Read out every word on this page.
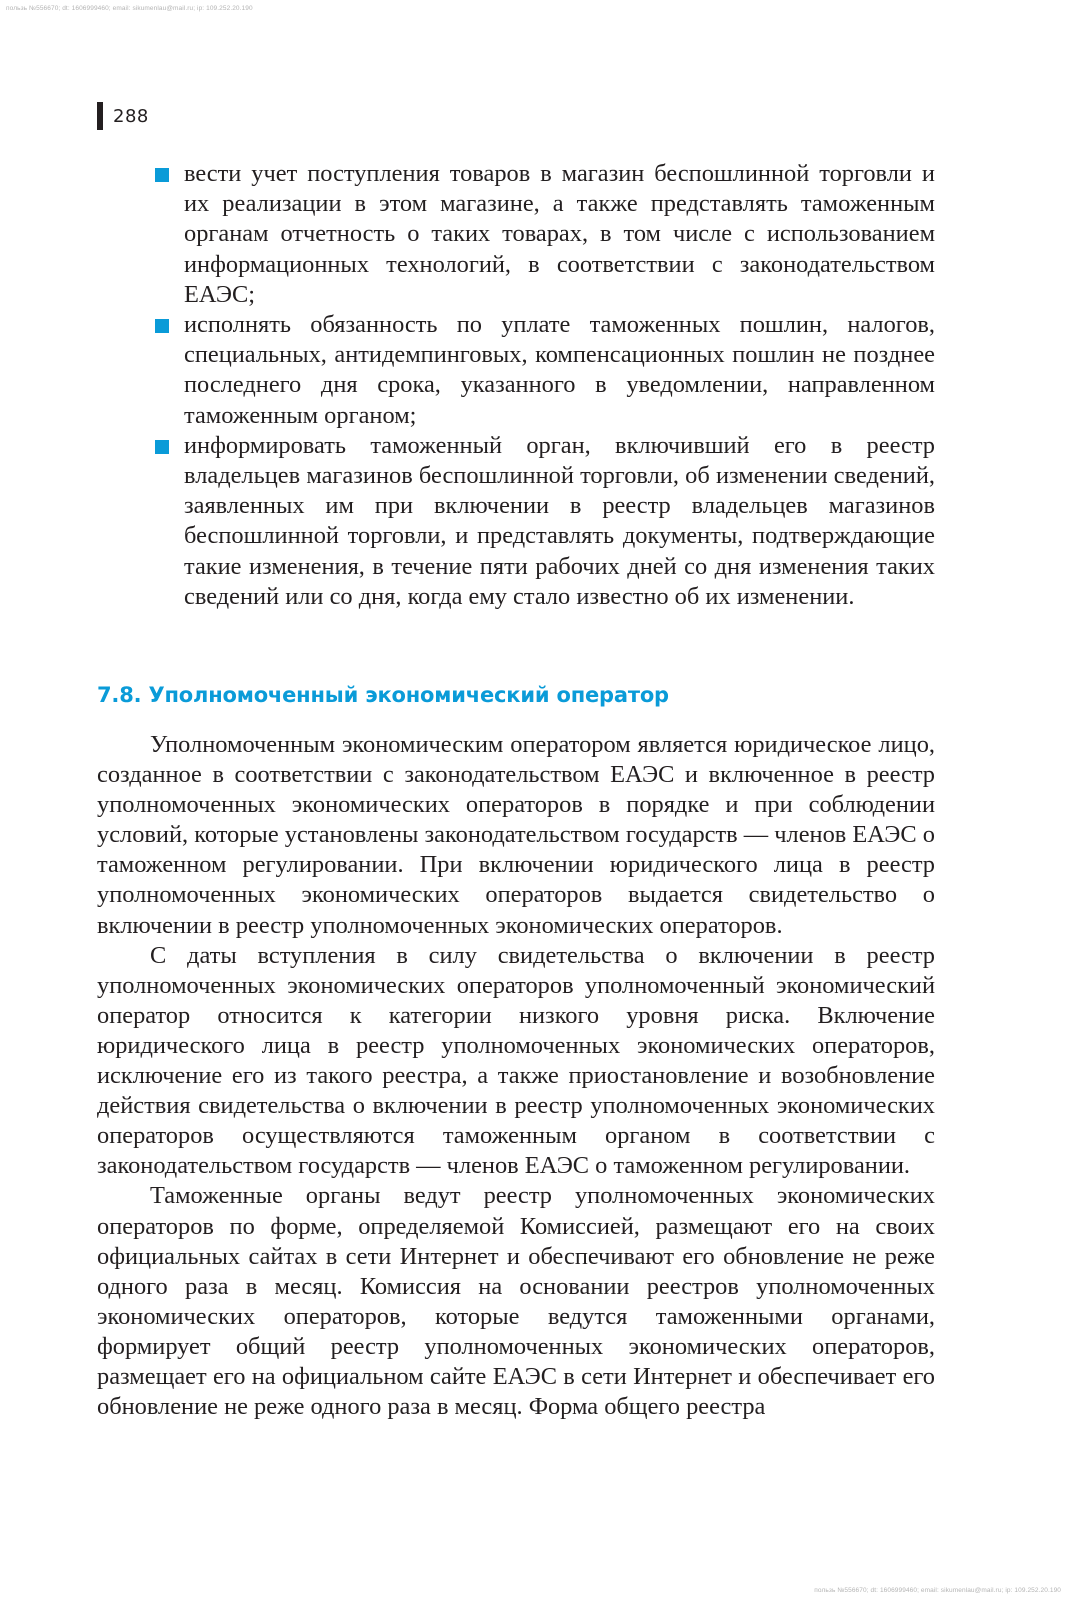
пользь №556670; dt: 1606999460; email: sikumenlau@mail.ru; ip: 109.252.20.190
288
вести учет поступления товаров в магазин беспошлинной торговли и их реализации в этом магазине, а также представлять таможенным органам отчетность о таких товарах, в том числе с использованием информационных технологий, в соответствии с законодательством ЕАЭС;
исполнять обязанность по уплате таможенных пошлин, налогов, специальных, антидемпинговых, компенсационных пошлин не позднее последнего дня срока, указанного в уведомлении, направленном таможенным органом;
информировать таможенный орган, включивший его в реестр владельцев магазинов беспошлинной торговли, об изменении сведений, заявленных им при включении в реестр владельцев магазинов беспошлинной торговли, и представлять документы, подтверждающие такие изменения, в течение пяти рабочих дней со дня изменения таких сведений или со дня, когда ему стало известно об их изменении.
7.8. Уполномоченный экономический оператор

Уполномоченным экономическим оператором является юридическое лицо, созданное в соответствии с законодательством ЕАЭС и включенное в реестр уполномоченных экономических операторов в порядке и при соблюдении условий, которые установлены законодательством государств — членов ЕАЭС о таможенном регулировании. При включении юридического лица в реестр уполномоченных экономических операторов выдается свидетельство о включении в реестр уполномоченных экономических операторов.

С даты вступления в силу свидетельства о включении в реестр уполномоченных экономических операторов уполномоченный экономический оператор относится к категории низкого уровня риска. Включение юридического лица в реестр уполномоченных экономических операторов, исключение его из такого реестра, а также приостановление и возобновление действия свидетельства о включении в реестр уполномоченных экономических операторов осуществляются таможенным органом в соответствии с законодательством государств — членов ЕАЭС о таможенном регулировании.

Таможенные органы ведут реестр уполномоченных экономических операторов по форме, определяемой Комиссией, размещают его на своих официальных сайтах в сети Интернет и обеспечивают его обновление не реже одного раза в месяц. Комиссия на основании реестров уполномоченных экономических операторов, которые ведутся таможенными органами, формирует общий реестр уполномоченных экономических операторов, размещает его на официальном сайте ЕАЭС в сети Интернет и обеспечивает его обновление не реже одного раза в месяц. Форма общего реестра

пользь №556670; dt: 1606999460; email: sikumenlau@mail.ru; ip: 109.252.20.190
